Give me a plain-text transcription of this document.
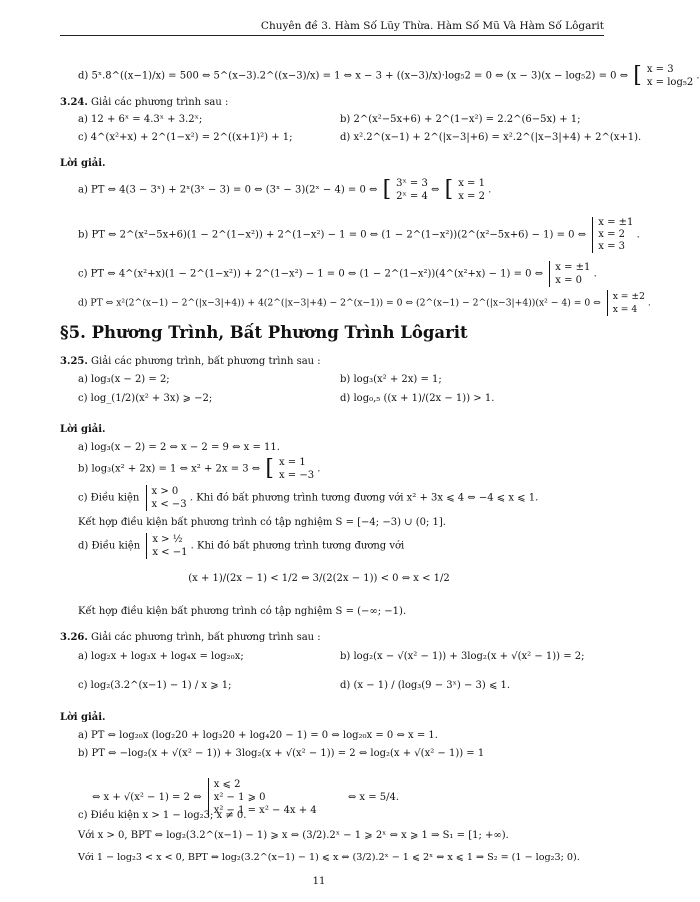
Chuyên đề 3. Hàm Số Lũy Thừa. Hàm Số Mũ Và Hàm Số Lôgarit
d) 5ˣ.8^((x−1)/x) = 500 ⇔ 5^(x−3).2^((x−3)/x) = 1 ⇔ x − 3 + ((x−3)/x)·log₅2 = 0 ⇔ (x − 3)(x − log₅2) = 0 ⇔ [ x = 3
x = log₅2 .
3.24. Giải các phương trình sau :
a) 12 + 6ˣ = 4.3ˣ + 3.2ˣ;	b) 2^(x²−5x+6) + 2^(1−x²) = 2.2^(6−5x) + 1;
c) 4^(x²+x) + 2^(1−x²) = 2^((x+1)²) + 1;	d) x².2^(x−1) + 2^(|x−3|+6) = x².2^(|x−3|+4) + 2^(x+1).
Lời giải.
a) PT ⇔ 4(3 − 3ˣ) + 2ˣ(3ˣ − 3) = 0 ⇔ (3ˣ − 3)(2ˣ − 4) = 0 ⇔ [ 3ˣ = 3
2ˣ = 4 ⇔ [ x = 1
x = 2 .
b) PT ⇔ 2^(x²−5x+6)(1 − 2^(1−x²)) + 2^(1−x²) − 1 = 0 ⇔ (1 − 2^(1−x²))(2^(x²−5x+6) − 1) = 0 ⇔ x = ±1
x = 2
x = 3 .
c) PT ⇔ 4^(x²+x)(1 − 2^(1−x²)) + 2^(1−x²) − 1 = 0 ⇔ (1 − 2^(1−x²))(4^(x²+x) − 1) = 0 ⇔ x = ±1
x = 0 .
d) PT ⇔ x²(2^(x−1) − 2^(|x−3|+4)) + 4(2^(|x−3|+4) − 2^(x−1)) = 0 ⇔ (2^(x−1) − 2^(|x−3|+4))(x² − 4) = 0 ⇔ x = ±2
x = 4 .
§5. Phương Trình, Bất Phương Trình Lôgarit
3.25. Giải các phương trình, bất phương trình sau :
a) log₃(x − 2) = 2;	b) log₃(x² + 2x) = 1;
c) log_(1/2)(x² + 3x) ⩾ −2;	d) log₀,₅ ((x + 1)/(2x − 1)) > 1.
Lời giải.
a) log₃(x − 2) = 2 ⇔ x − 2 = 9 ⇔ x = 11.
b) log₃(x² + 2x) = 1 ⇔ x² + 2x = 3 ⇔ [ x = 1
x = −3 .
c) Điều kiện x > 0
x < −3 . Khi đó bất phương trình tương đương với x² + 3x ⩽ 4 ⇔ −4 ⩽ x ⩽ 1.
Kết hợp điều kiện bất phương trình có tập nghiệm S = [−4; −3) ∪ (0; 1].
d) Điều kiện x > ½
x < −1 . Khi đó bất phương trình tương đương với
(x + 1)/(2x − 1) < 1/2 ⇔ 3/(2(2x − 1)) < 0 ⇔ x < 1/2
Kết hợp điều kiện bất phương trình có tập nghiệm S = (−∞; −1).
3.26. Giải các phương trình, bất phương trình sau :
a) log₂x + log₃x + log₄x = log₂₀x;	b) log₂(x − √(x² − 1)) + 3log₂(x + √(x² − 1)) = 2;
c) log₂(3.2^(x−1) − 1) / x ⩾ 1;	d) (x − 1) / (log₃(9 − 3ˣ) − 3) ⩽ 1.
Lời giải.
a) PT ⇔ log₂₀x (log₂20 + log₃20 + log₄20 − 1) = 0 ⇔ log₂₀x = 0 ⇔ x = 1.
b) PT ⇔ −log₂(x + √(x² − 1)) + 3log₂(x + √(x² − 1)) = 2 ⇔ log₂(x + √(x² − 1)) = 1
⇔ x + √(x² − 1) = 2 ⇔ x ⩽ 2
x² − 1 ⩾ 0
x² − 1 = x² − 4x + 4 ⇔ x = 5/4.
c) Điều kiện x > 1 − log₂3; x ≠ 0.
Với x > 0, BPT ⇔ log₂(3.2^(x−1) − 1) ⩾ x ⇔ (3/2).2ˣ − 1 ⩾ 2ˣ ⇔ x ⩾ 1 ⇒ S₁ = [1; +∞).
Với 1 − log₂3 < x < 0, BPT ⇔ log₂(3.2^(x−1) − 1) ⩽ x ⇔ (3/2).2ˣ − 1 ⩽ 2ˣ ⇔ x ⩽ 1 ⇒ S₂ = (1 − log₂3; 0).
11
